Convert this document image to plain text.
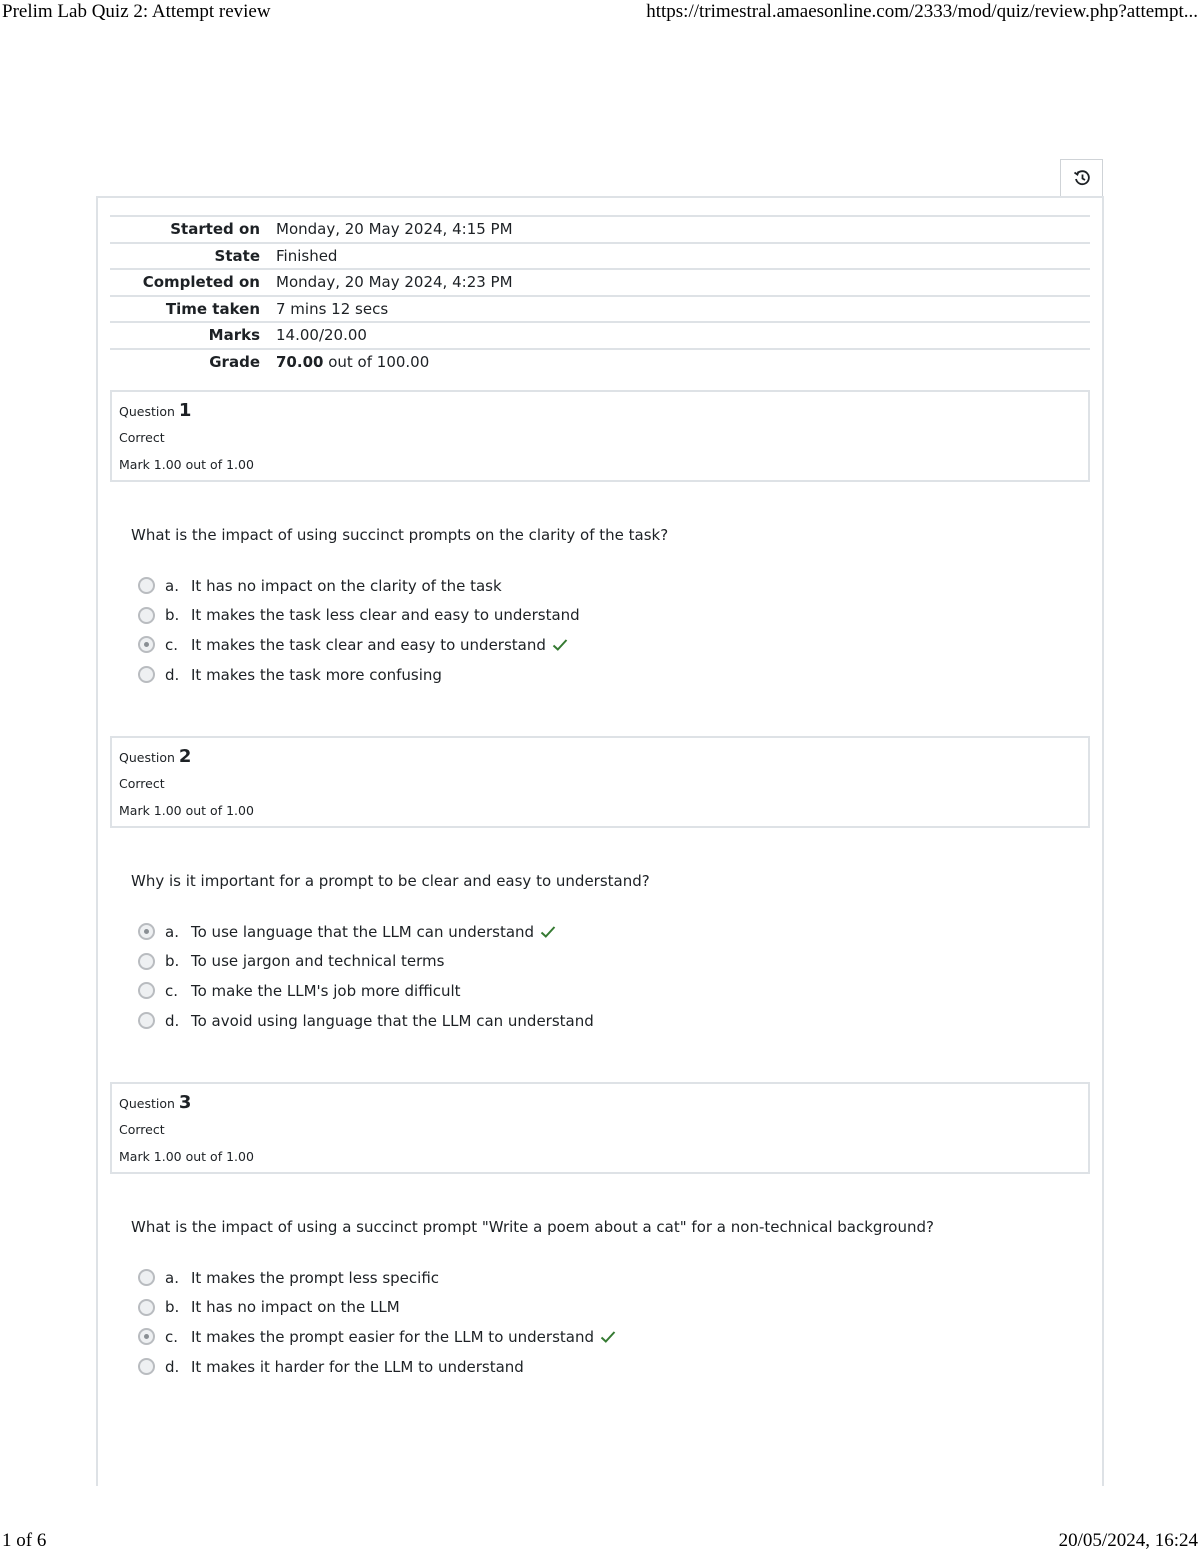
Prelim Lab Quiz 2: Attempt review	https://trimestral.amaesonline.com/2333/mod/quiz/review.php?attempt...
Started on	Monday, 20 May 2024, 4:15 PM
State	Finished
Completed on	Monday, 20 May 2024, 4:23 PM
Time taken	7 mins 12 secs
Marks	14.00/20.00
Grade	70.00 out of 100.00
Question 1
Correct
Mark 1.00 out of 1.00
What is the impact of using succinct prompts on the clarity of the task?
a. It has no impact on the clarity of the task
b. It makes the task less clear and easy to understand
c. It makes the task clear and easy to understand
d. It makes the task more confusing
Question 2
Correct
Mark 1.00 out of 1.00
Why is it important for a prompt to be clear and easy to understand?
a. To use language that the LLM can understand
b. To use jargon and technical terms
c. To make the LLM's job more difficult
d. To avoid using language that the LLM can understand
Question 3
Correct
Mark 1.00 out of 1.00
What is the impact of using a succinct prompt "Write a poem about a cat" for a non-technical background?
a. It makes the prompt less specific
b. It has no impact on the LLM
c. It makes the prompt easier for the LLM to understand
d. It makes it harder for the LLM to understand
1 of 6	20/05/2024, 16:24
